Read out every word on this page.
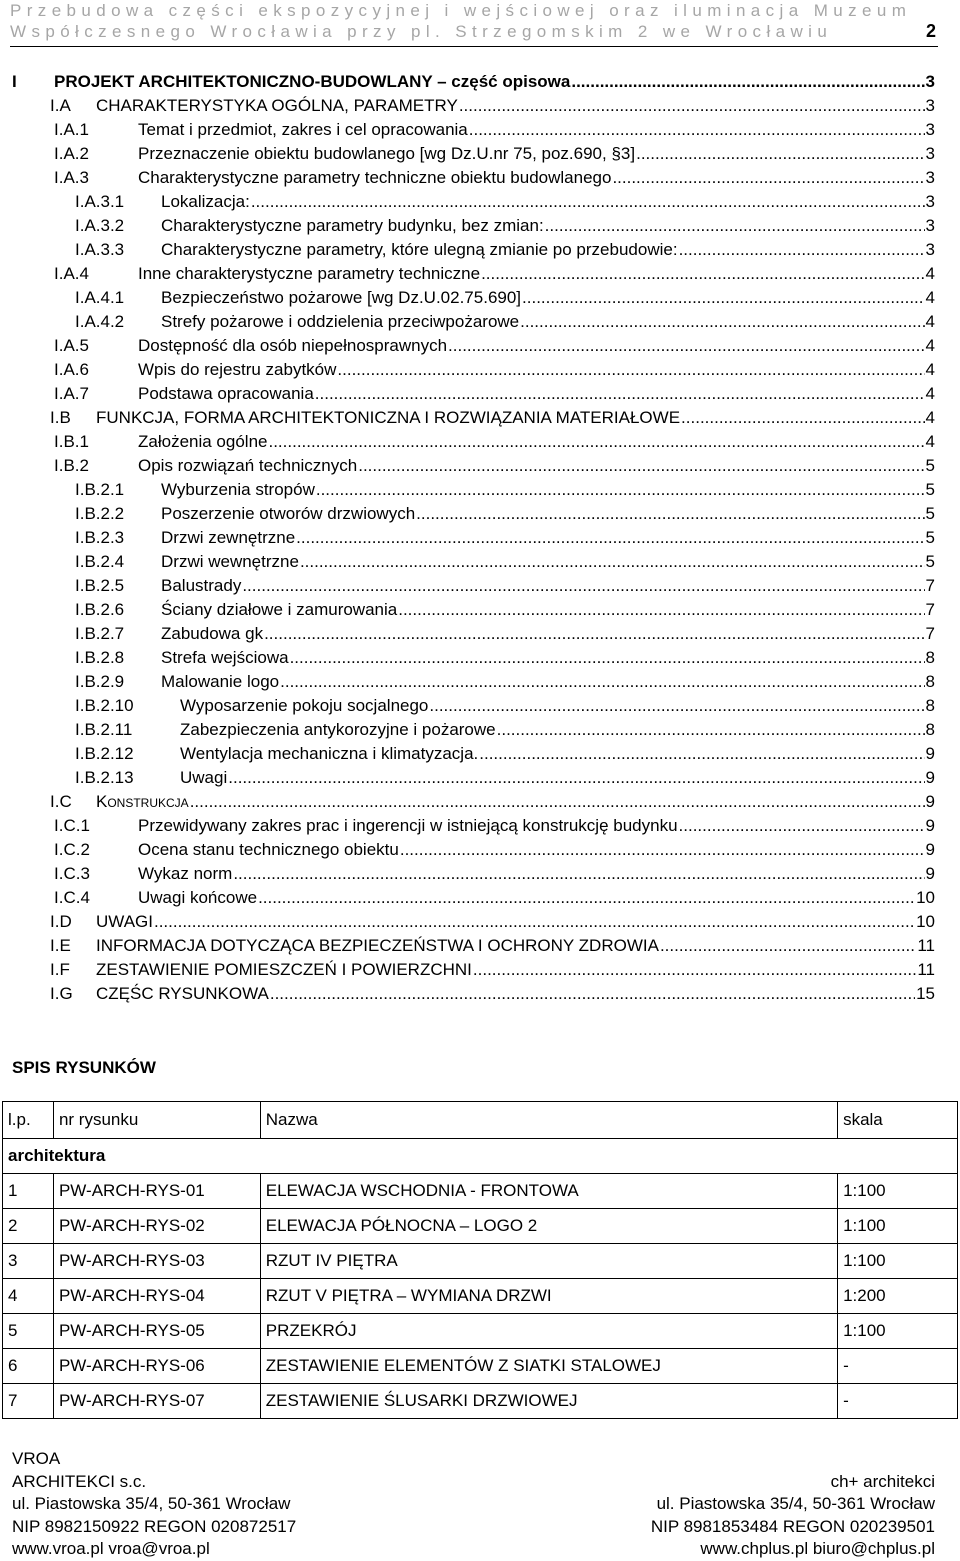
Przebudowa części ekspozycyjnej i wejściowej oraz iluminacja Muzeum
Współczesnego Wrocławia przy pl. Strzegomskim 2 we Wrocławiu	2
I	PROJEKT ARCHITEKTONICZNO-BUDOWLANY – część opisowa .....	3
I.A	CHARAKTERYSTYKA OGÓLNA, PARAMETRY .....	3
I.A.1	Temat i przedmiot, zakres i cel opracowania .....	3
I.A.2	Przeznaczenie obiektu budowlanego [wg Dz.U.nr 75, poz.690, §3] .....	3
I.A.3	Charakterystyczne parametry techniczne obiektu budowlanego .....	3
I.A.3.1	Lokalizacja: .....	3
I.A.3.2	Charakterystyczne parametry budynku, bez zmian: .....	3
I.A.3.3	Charakterystyczne parametry, które ulegną zmianie po przebudowie: .....	3
I.A.4	Inne charakterystyczne parametry techniczne .....	4
I.A.4.1	Bezpieczeństwo pożarowe [wg Dz.U.02.75.690] .....	4
I.A.4.2	Strefy pożarowe i oddzielenia przeciwpożarowe .....	4
I.A.5	Dostępność dla osób niepełnosprawnych .....	4
I.A.6	Wpis do rejestru zabytków .....	4
I.A.7	Podstawa opracowania .....	4
I.B	FUNKCJA, FORMA ARCHITEKTONICZNA I ROZWIĄZANIA MATERIAŁOWE .....	4
I.B.1	Założenia ogólne .....	4
I.B.2	Opis rozwiązań technicznych .....	5
I.B.2.1	Wyburzenia stropów .....	5
I.B.2.2	Poszerzenie otworów drzwiowych .....	5
I.B.2.3	Drzwi zewnętrzne .....	5
I.B.2.4	Drzwi wewnętrzne .....	5
I.B.2.5	Balustrady .....	7
I.B.2.6	Ściany działowe i zamurowania .....	7
I.B.2.7	Zabudowa gk .....	7
I.B.2.8	Strefa wejściowa .....	8
I.B.2.9	Malowanie logo .....	8
I.B.2.10	Wyposarzenie pokoju socjalnego .....	8
I.B.2.11	Zabezpieczenia antykorozyjne i pożarowe .....	8
I.B.2.12	Wentylacja mechaniczna i klimatyzacja. .....	9
I.B.2.13	Uwagi .....	9
I.C	Konstrukcja .....	9
I.C.1	Przewidywany zakres prac i ingerencji w istniejącą konstrukcję budynku .....	9
I.C.2	Ocena stanu technicznego obiektu .....	9
I.C.3	Wykaz norm .....	9
I.C.4	Uwagi końcowe .....	10
I.D	UWAGI .....	10
I.E	INFORMACJA DOTYCZĄCA BEZPIECZEŃSTWA I OCHRONY ZDROWIA .....	11
I.F	ZESTAWIENIE POMIESZCZEŃ I POWIERZCHNI .....	11
I.G	CZĘŚC RYSUNKOWA .....	15
SPIS RYSUNKÓW
l.p.	nr rysunku	Nazwa	skala
architektura			
1	PW-ARCH-RYS-01	ELEWACJA WSCHODNIA - FRONTOWA	1:100
2	PW-ARCH-RYS-02	ELEWACJA PÓŁNOCNA – LOGO 2	1:100
3	PW-ARCH-RYS-03	RZUT IV PIĘTRA	1:100
4	PW-ARCH-RYS-04	RZUT V PIĘTRA – WYMIANA DRZWI	1:200
5	PW-ARCH-RYS-05	PRZEKRÓJ	1:100
6	PW-ARCH-RYS-06	ZESTAWIENIE ELEMENTÓW Z SIATKI STALOWEJ	-
7	PW-ARCH-RYS-07	ZESTAWIENIE ŚLUSARKI DRZWIOWEJ	-
VROA
ARCHITEKCI s.c.
ul. Piastowska 35/4, 50-361 Wrocław
NIP 8982150922 REGON 020872517
www.vroa.pl vroa@vroa.pl
ch+ architekci
ul. Piastowska 35/4, 50-361 Wrocław
NIP 8981853484 REGON 020239501
www.chplus.pl biuro@chplus.pl
